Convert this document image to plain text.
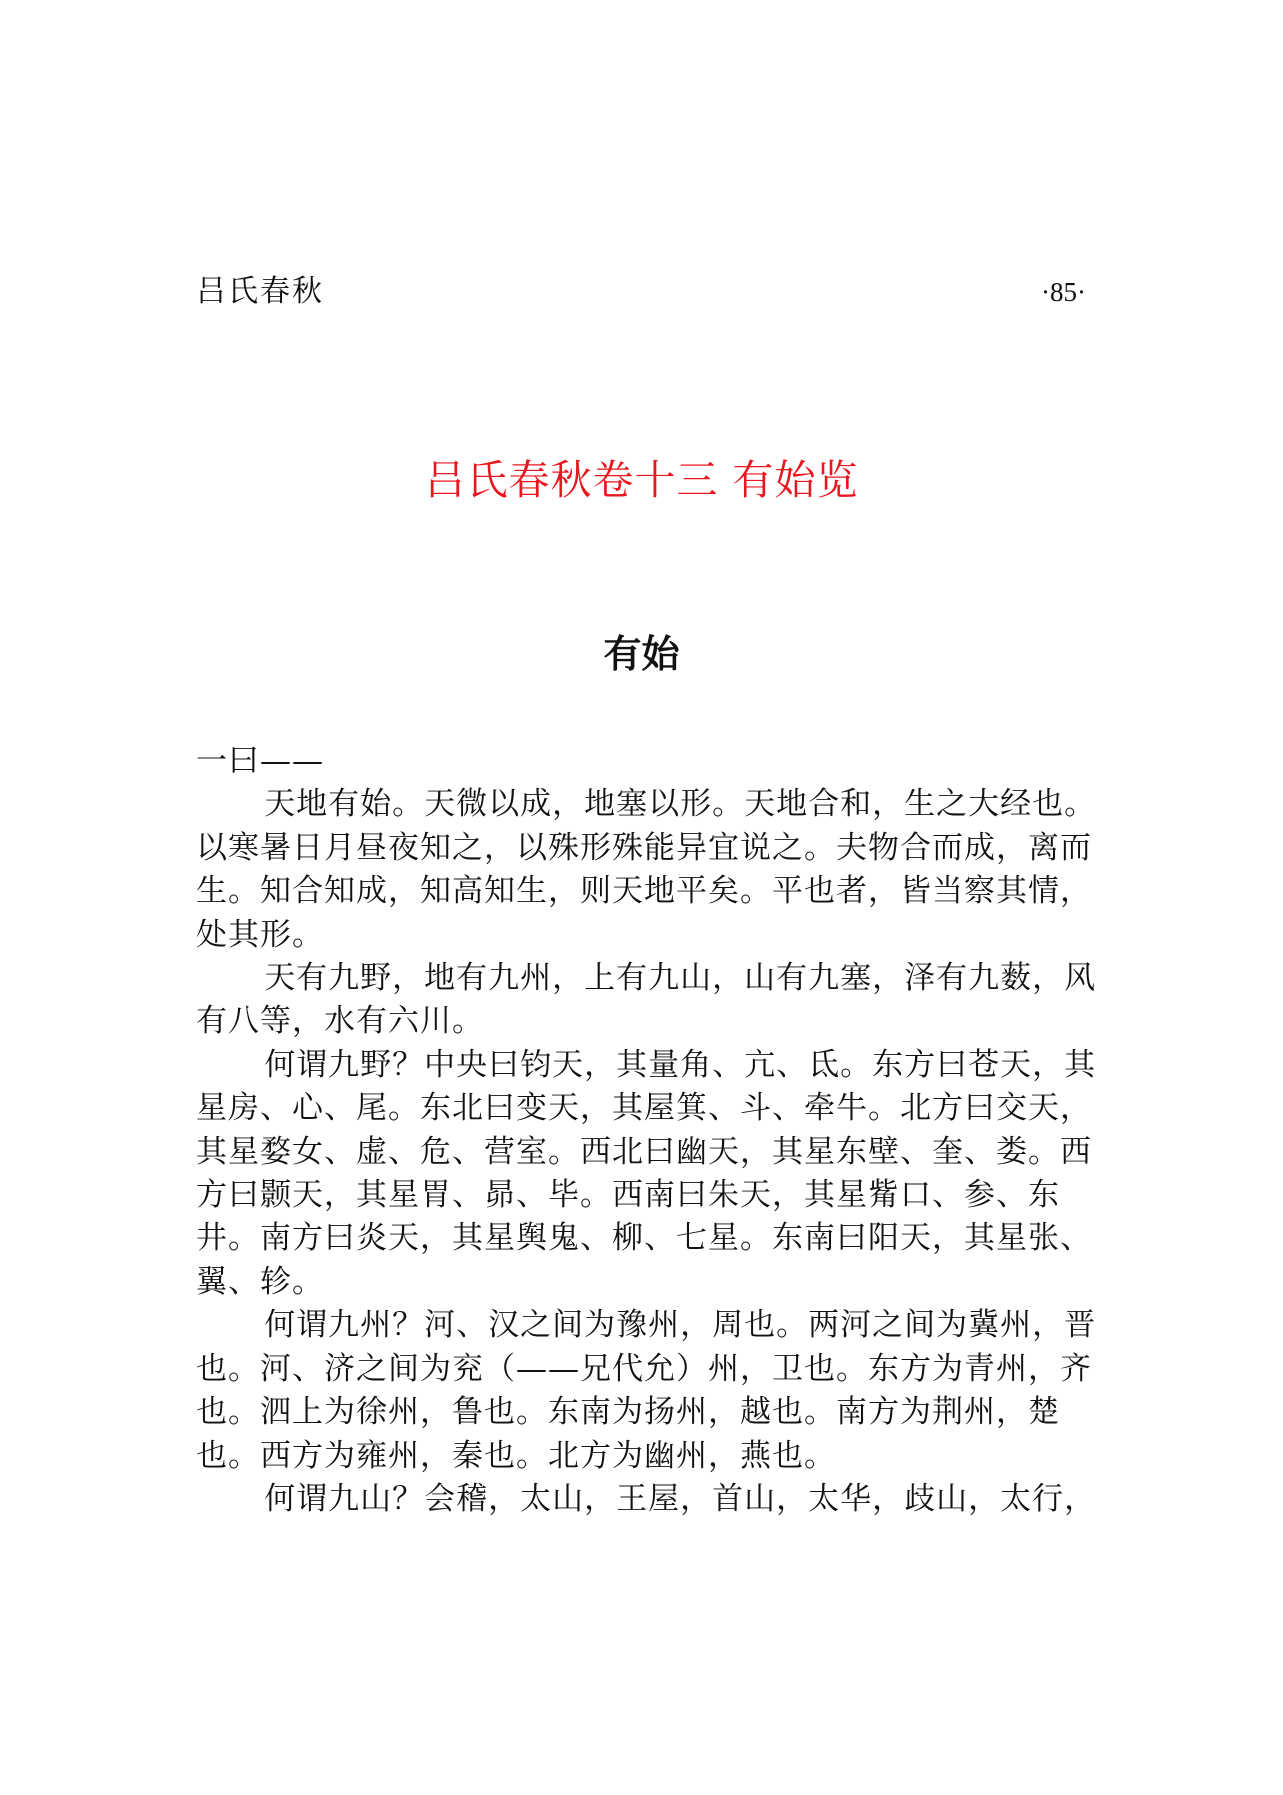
吕氏春秋	·85·
吕氏春秋卷十三 有始览
有始

一曰——

天地有始。天微以成，地塞以形。天地合和，生之大经也。以寒暑日月昼夜知之，以殊形殊能异宜说之。夫物合而成，离而生。知合知成，知高知生，则天地平矣。平也者，皆当察其情，处其形。

天有九野，地有九州，上有九山，山有九塞，泽有九薮，风有八等，水有六川。

何谓九野？中央曰钧天，其量角、亢、氐。东方曰苍天，其星房、心、尾。东北曰变天，其屋箕、斗、牵牛。北方曰交天，其星婺女、虚、危、营室。西北曰幽天，其星东壁、奎、娄。西方曰颢天，其星胃、昴、毕。西南曰朱天，其星觜口、参、东井。南方曰炎天，其星舆鬼、柳、七星。东南曰阳天，其星张、翼、轸。

何谓九州？河、汉之间为豫州，周也。两河之间为冀州，晋也。河、济之间为兖（——兄代允）州，卫也。东方为青州，齐也。泗上为徐州，鲁也。东南为扬州，越也。南方为荆州，楚也。西方为雍州，秦也。北方为幽州，燕也。

何谓九山？会稽，太山，王屋，首山，太华，歧山，太行，
